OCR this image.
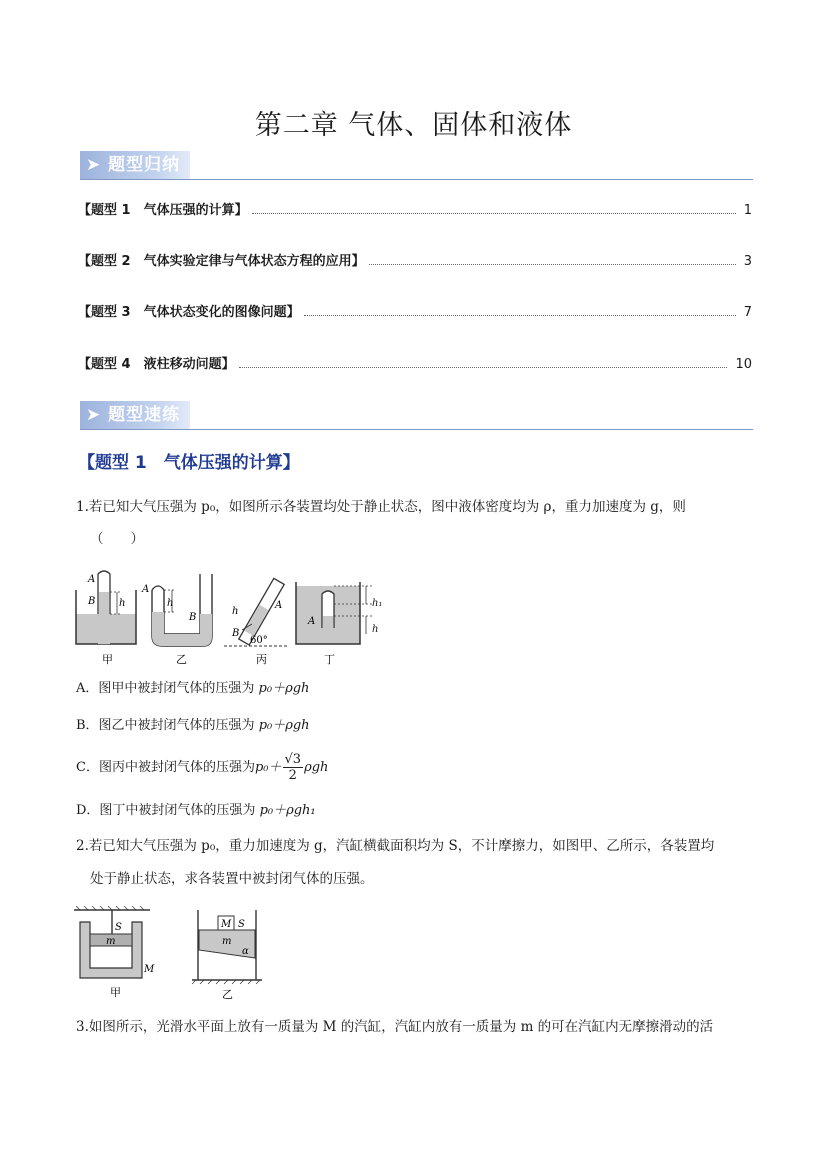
第二章 气体、固体和液体
➤ 题型归纳
【题型 1　气体压强的计算】	1
【题型 2　气体实验定律与气体状态方程的应用】	3
【题型 3　气体状态变化的图像问题】	7
【题型 4　液柱移动问题】	10
➤ 题型速练
【题型 1　气体压强的计算】
1.若已知大气压强为 p₀，如图所示各装置均处于静止状态，图中液体密度均为 ρ，重力加速度为 g，则
（　　）
A
B h
甲
A
h
B
乙
h
A
B
60°
丙
A
丁
h₁
h
A．图甲中被封闭气体的压强为 p₀＋ρgh
B．图乙中被封闭气体的压强为 p₀＋ρgh
C．图丙中被封闭气体的压强为 p₀＋ √3
2
ρgh
D．图丁中被封闭气体的压强为 p₀＋ρgh₁
2.若已知大气压强为 p₀，重力加速度为 g，汽缸横截面积均为 S，不计摩擦力，如图甲、乙所示，各装置均
处于静止状态，求各装置中被封闭气体的压强。
S
m
M
甲
M S
m
α
乙
3.如图所示，光滑水平面上放有一质量为 M 的汽缸，汽缸内放有一质量为 m 的可在汽缸内无摩擦滑动的活
